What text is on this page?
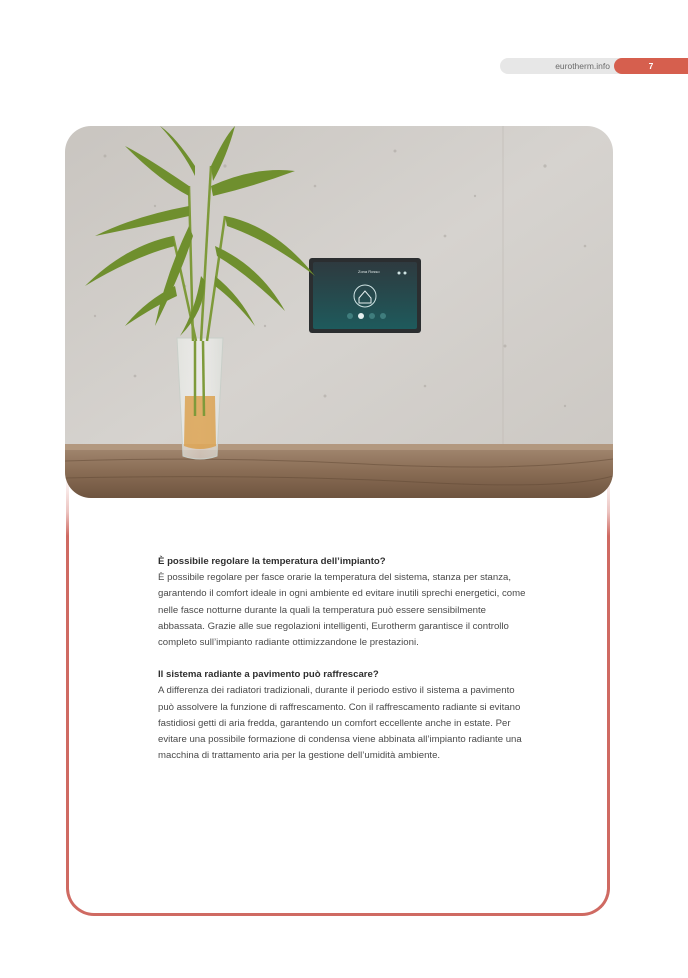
eurotherm.info	7
Zona Rosso

È possibile regolare la temperatura dell’impianto?

È possibile regolare per fasce orarie la temperatura del sistema, stanza per stanza, garantendo il comfort ideale in ogni ambiente ed evitare inutili sprechi energetici, come nelle fasce notturne durante la quali la temperatura può essere sensibilmente abbassata. Grazie alle sue regolazioni intelligenti, Eurotherm garantisce il controllo completo sull’impianto radiante ottimizzandone le prestazioni.

Il sistema radiante a pavimento può raffrescare?

A differenza dei radiatori tradizionali, durante il periodo estivo il sistema a pavimento può assolvere la funzione di raffrescamento. Con il raffrescamento radiante si evitano fastidiosi getti di aria fredda, garantendo un comfort eccellente anche in estate. Per evitare una possibile formazione di condensa viene abbinata all’impianto radiante una macchina di trattamento aria per la gestione dell’umidità ambiente.
